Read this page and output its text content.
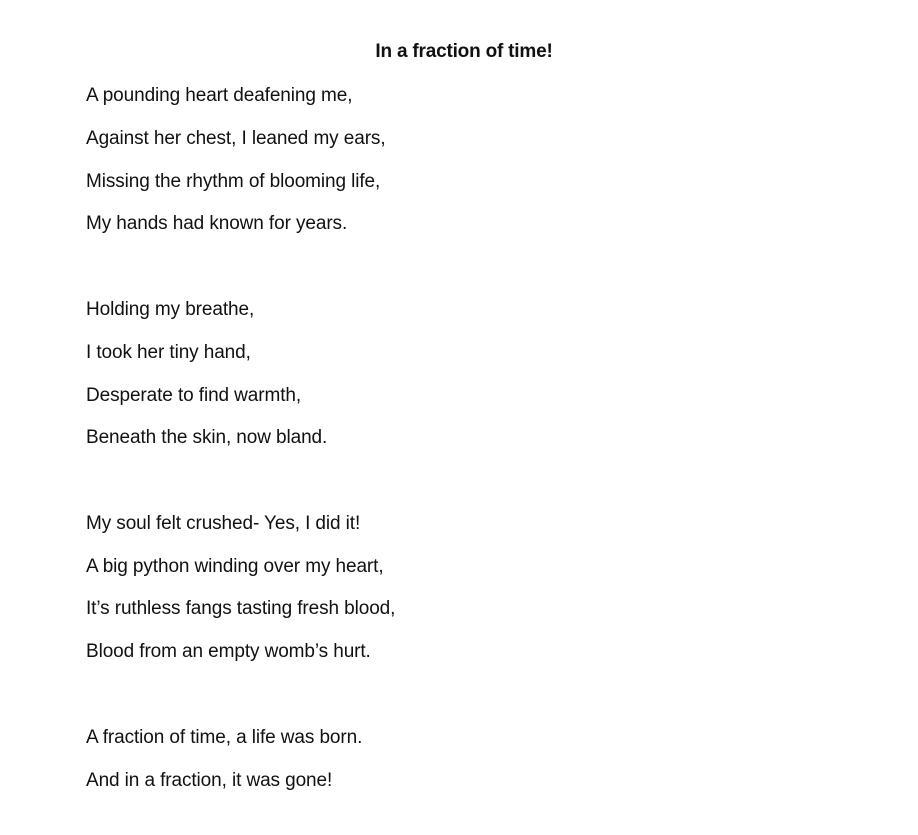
In a fraction of time!
A pounding heart deafening me,
Against her chest, I leaned my ears,
Missing the rhythm of blooming life,
My hands had known for years.
Holding my breathe,
I took her tiny hand,
Desperate to find warmth,
Beneath the skin, now bland.
My soul felt crushed- Yes, I did it!
A big python winding over my heart,
It’s ruthless fangs tasting fresh blood,
Blood from an empty womb’s hurt.
A fraction of time, a life was born.
And in a fraction, it was gone!
